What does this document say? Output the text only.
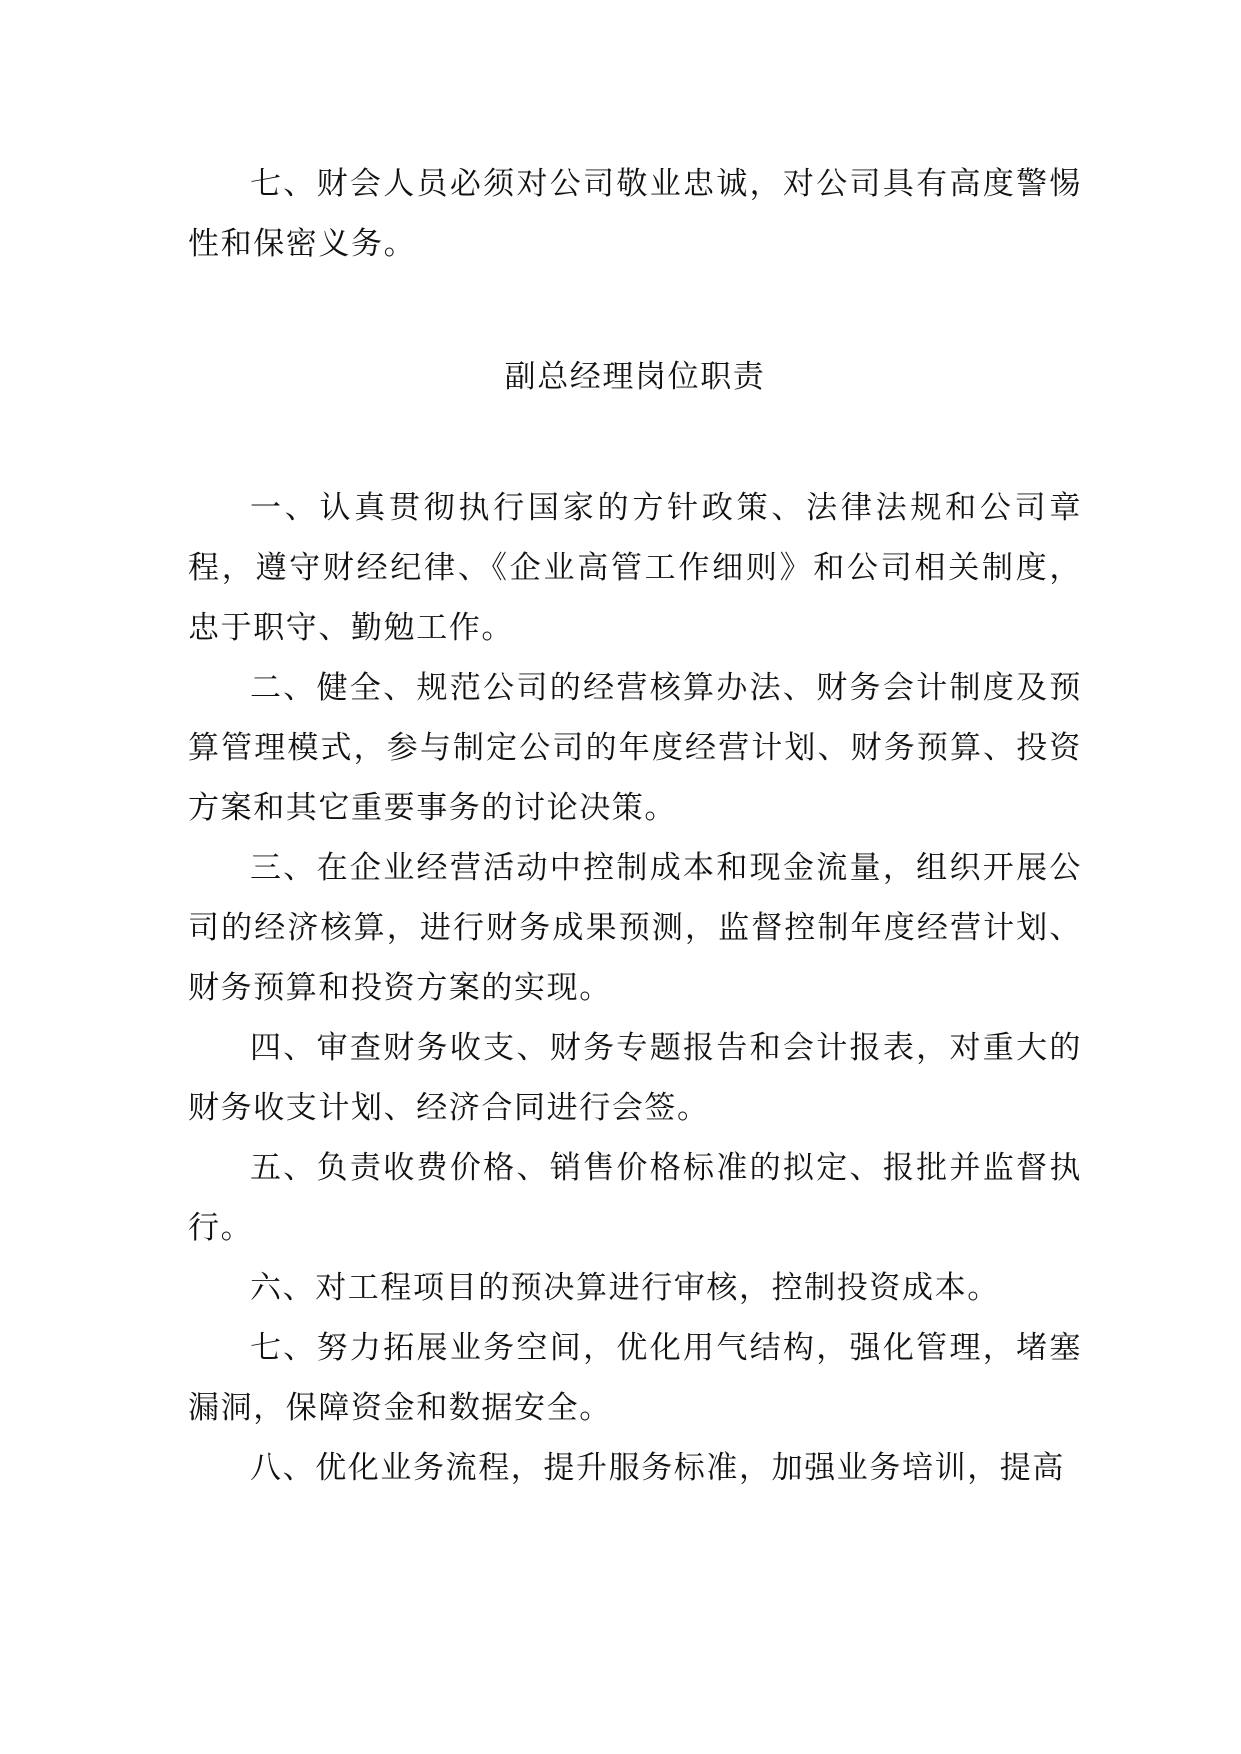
七、财会人员必须对公司敬业忠诚，对公司具有高度警惕性和保密义务。

副总经理岗位职责

一、认真贯彻执行国家的方针政策、法律法规和公司章程，遵守财经纪律、《企业高管工作细则》和公司相关制度，忠于职守、勤勉工作。

二、健全、规范公司的经营核算办法、财务会计制度及预算管理模式，参与制定公司的年度经营计划、财务预算、投资方案和其它重要事务的讨论决策。

三、在企业经营活动中控制成本和现金流量，组织开展公司的经济核算，进行财务成果预测，监督控制年度经营计划、财务预算和投资方案的实现。

四、审查财务收支、财务专题报告和会计报表，对重大的财务收支计划、经济合同进行会签。

五、负责收费价格、销售价格标准的拟定、报批并监督执行。

六、对工程项目的预决算进行审核，控制投资成本。

七、努力拓展业务空间，优化用气结构，强化管理，堵塞漏洞，保障资金和数据安全。

八、优化业务流程，提升服务标准，加强业务培训，提高
